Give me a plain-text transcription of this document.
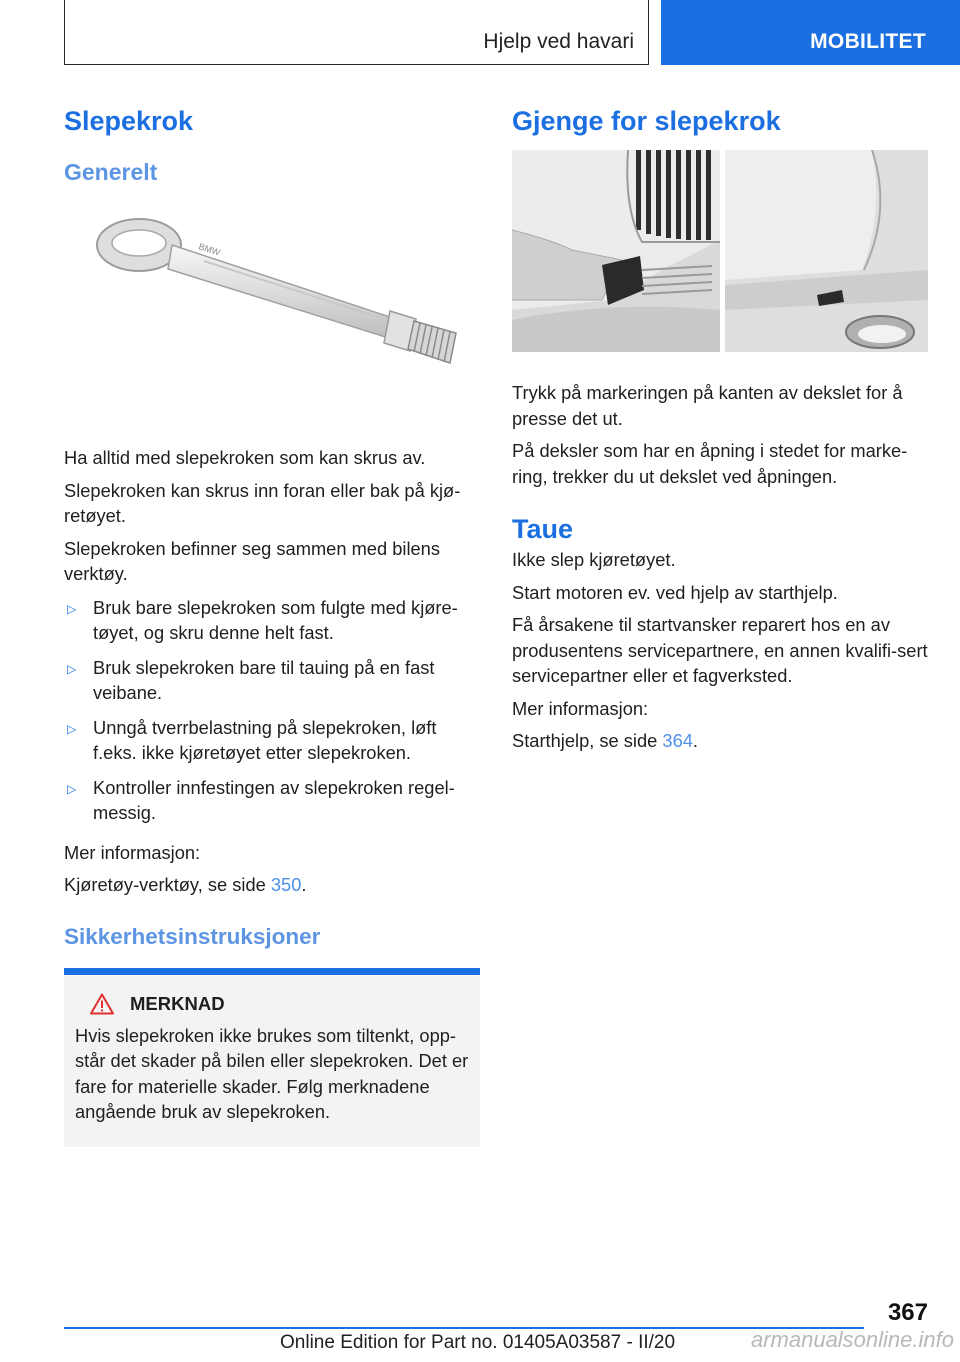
Hjelp ved havari	MOBILITET
Slepekrok
Generelt
BMW

Ha alltid med slepekroken som kan skrus av.

Slepekroken kan skrus inn foran eller bak på kjø‐retøyet.

Slepekroken befinner seg sammen med bilens verktøy.

▷ Bruk bare slepekroken som fulgte med kjøre‐tøyet, og skru denne helt fast.
▷ Bruk slepekroken bare til tauing på en fast veibane.
▷ Unngå tverrbelastning på slepekroken, løft f.eks. ikke kjøretøyet etter slepekroken.
▷ Kontroller innfestingen av slepekroken regel‐messig.

Mer informasjon:

Kjøretøy-verktøy, se side 350.

Sikkerhetsinstruksjoner
MERKNAD

Hvis slepekroken ikke brukes som tiltenkt, opp‐står det skader på bilen eller slepekroken. Det er fare for materielle skader. Følg merknadene angående bruk av slepekroken.

Gjenge for slepekrok

Trykk på markeringen på kanten av dekslet for å presse det ut.

På deksler som har en åpning i stedet for marke‐ring, trekker du ut dekslet ved åpningen.

Taue

Ikke slep kjøretøyet.

Start motoren ev. ved hjelp av starthjelp.

Få årsakene til startvansker reparert hos en av produsentens servicepartnere, en annen kvalifi‐sert servicepartner eller et fagverksted.

Mer informasjon:

Starthjelp, se side 364.

367
Online Edition for Part no. 01405A03587 - II/20	armanualsonline.info
